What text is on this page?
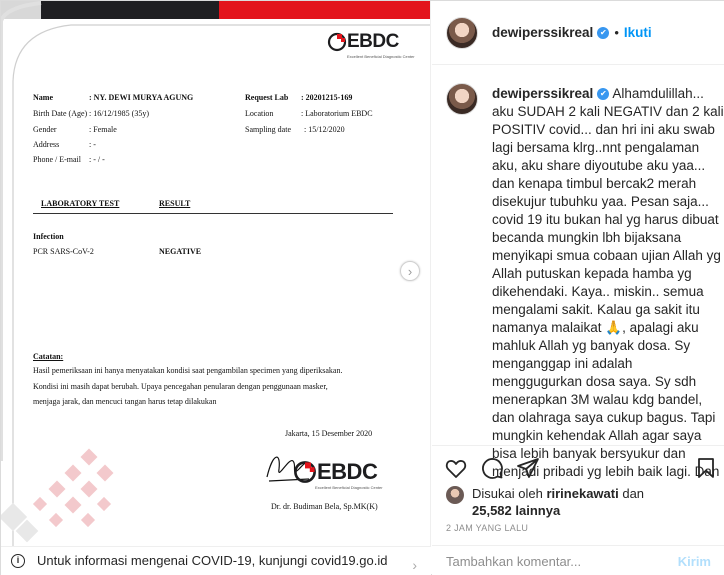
EBDC
Excellent Beneficial Diagnostic Center
Name	: NY. DEWI MURYA AGUNG
Birth Date (Age) : 16/12/1985 (35y)
Gender	: Female
Address	: -
Phone / E-mail : - / -
Request Lab : 20201215-169
Location	: Laboratorium EBDC
Sampling date : 15/12/2020
LABORATORY TEST	RESULT
Infection
PCR SARS-CoV-2	NEGATIVE
Catatan:
Hasil pemeriksaan ini hanya menyatakan kondisi saat pengambilan specimen yang diperiksakan.
Kondisi ini masih dapat berubah. Upaya pencegahan penularan dengan penggunaan masker,
menjaga jarak, dan mencuci tangan harus tetap dilakukan
Jakarta, 15 Desember 2020
Dr. dr. Budiman Bela, Sp.MK(K)
EBDC
Excellent Beneficial Diagnostic Center
›
i	Untuk informasi mengenai COVID-19, kunjungi covid19.go.id	›
dewiperssikreal ✔ • Ikuti
dewiperssikreal ✔ Alhamdulillah... aku SUDAH 2 kali NEGATIV dan 2 kali POSITIV covid... dan hri ini aku swab lagi bersama klrg..nnt pengalaman aku, aku share diyoutube aku yaa... dan kenapa timbul bercak2 merah disekujur tubuhku yaa. Pesan saja... covid 19 itu bukan hal yg harus dibuat becanda mungkin lbh bijaksana menyikapi smua cobaan ujian Allah yg Allah putuskan kepada hamba yg dikehendaki. Kaya.. miskin.. semua mengalami sakit. Kalau ga sakit itu namanya malaikat 🙏, apalagi aku mahluk Allah yg banyak dosa. Sy menganggap ini adalah menggugurkan dosa saya. Sy sdh menerapkan 3M walau kdg bandel, dan olahraga saya cukup bagus. Tapi mungkin kehendak Allah agar saya bisa lebih banyak bersyukur dan menjadi pribadi yg lebih baik lagi. Dan
Disukai oleh ririnekawati dan
25,582 lainnya
2 JAM YANG LALU
Tambahkan komentar...	Kirim
